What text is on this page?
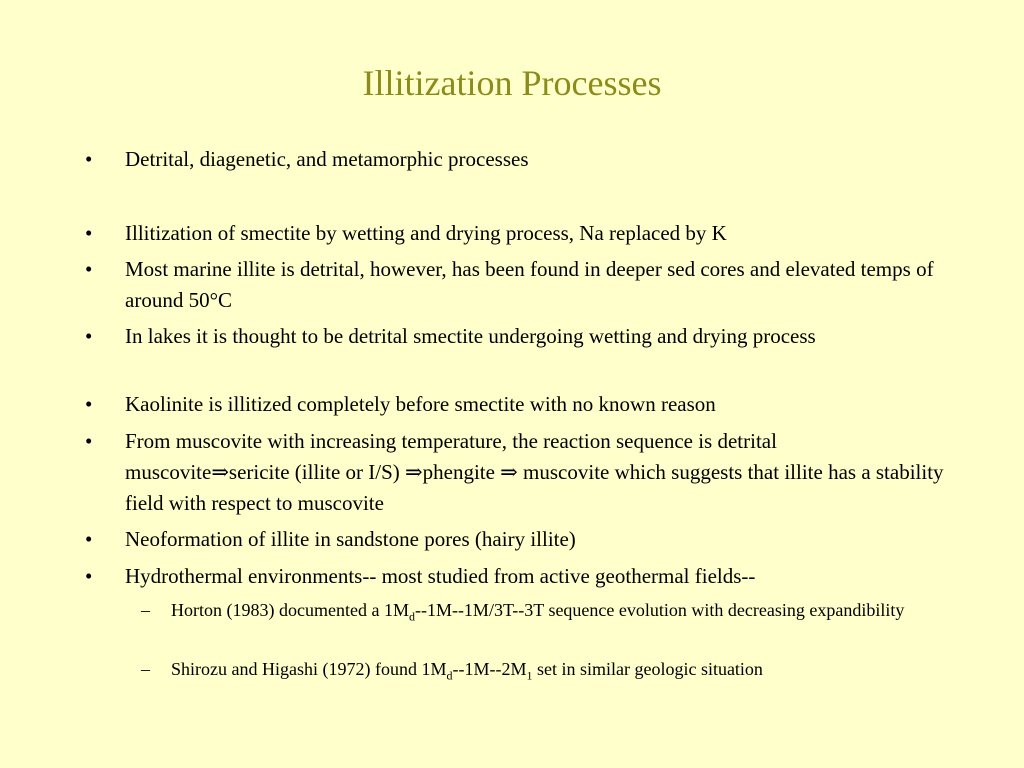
Illitization Processes
• Detrital, diagenetic, and metamorphic processes
• Illitization of smectite by wetting and drying process, Na replaced by K
• Most marine illite is detrital, however, has been found in deeper sed cores and elevated temps of around 50°C
• In lakes it is thought to be detrital smectite undergoing wetting and drying process
• Kaolinite is illitized completely before smectite with no known reason
• From muscovite with increasing temperature, the reaction sequence is detrital muscovite⇒sericite (illite or I/S) ⇒phengite ⇒ muscovite which suggests that illite has a stability field with respect to muscovite
• Neoformation of illite in sandstone pores (hairy illite)
• Hydrothermal environments-- most studied from active geothermal fields--
– Horton (1983) documented a $1M_d--1M--1M/3T--3T$ sequence evolution with decreasing expandibility
– Shirozu and Higashi (1972) found $1M_d--1M--2M_1$ set in similar geologic situation
